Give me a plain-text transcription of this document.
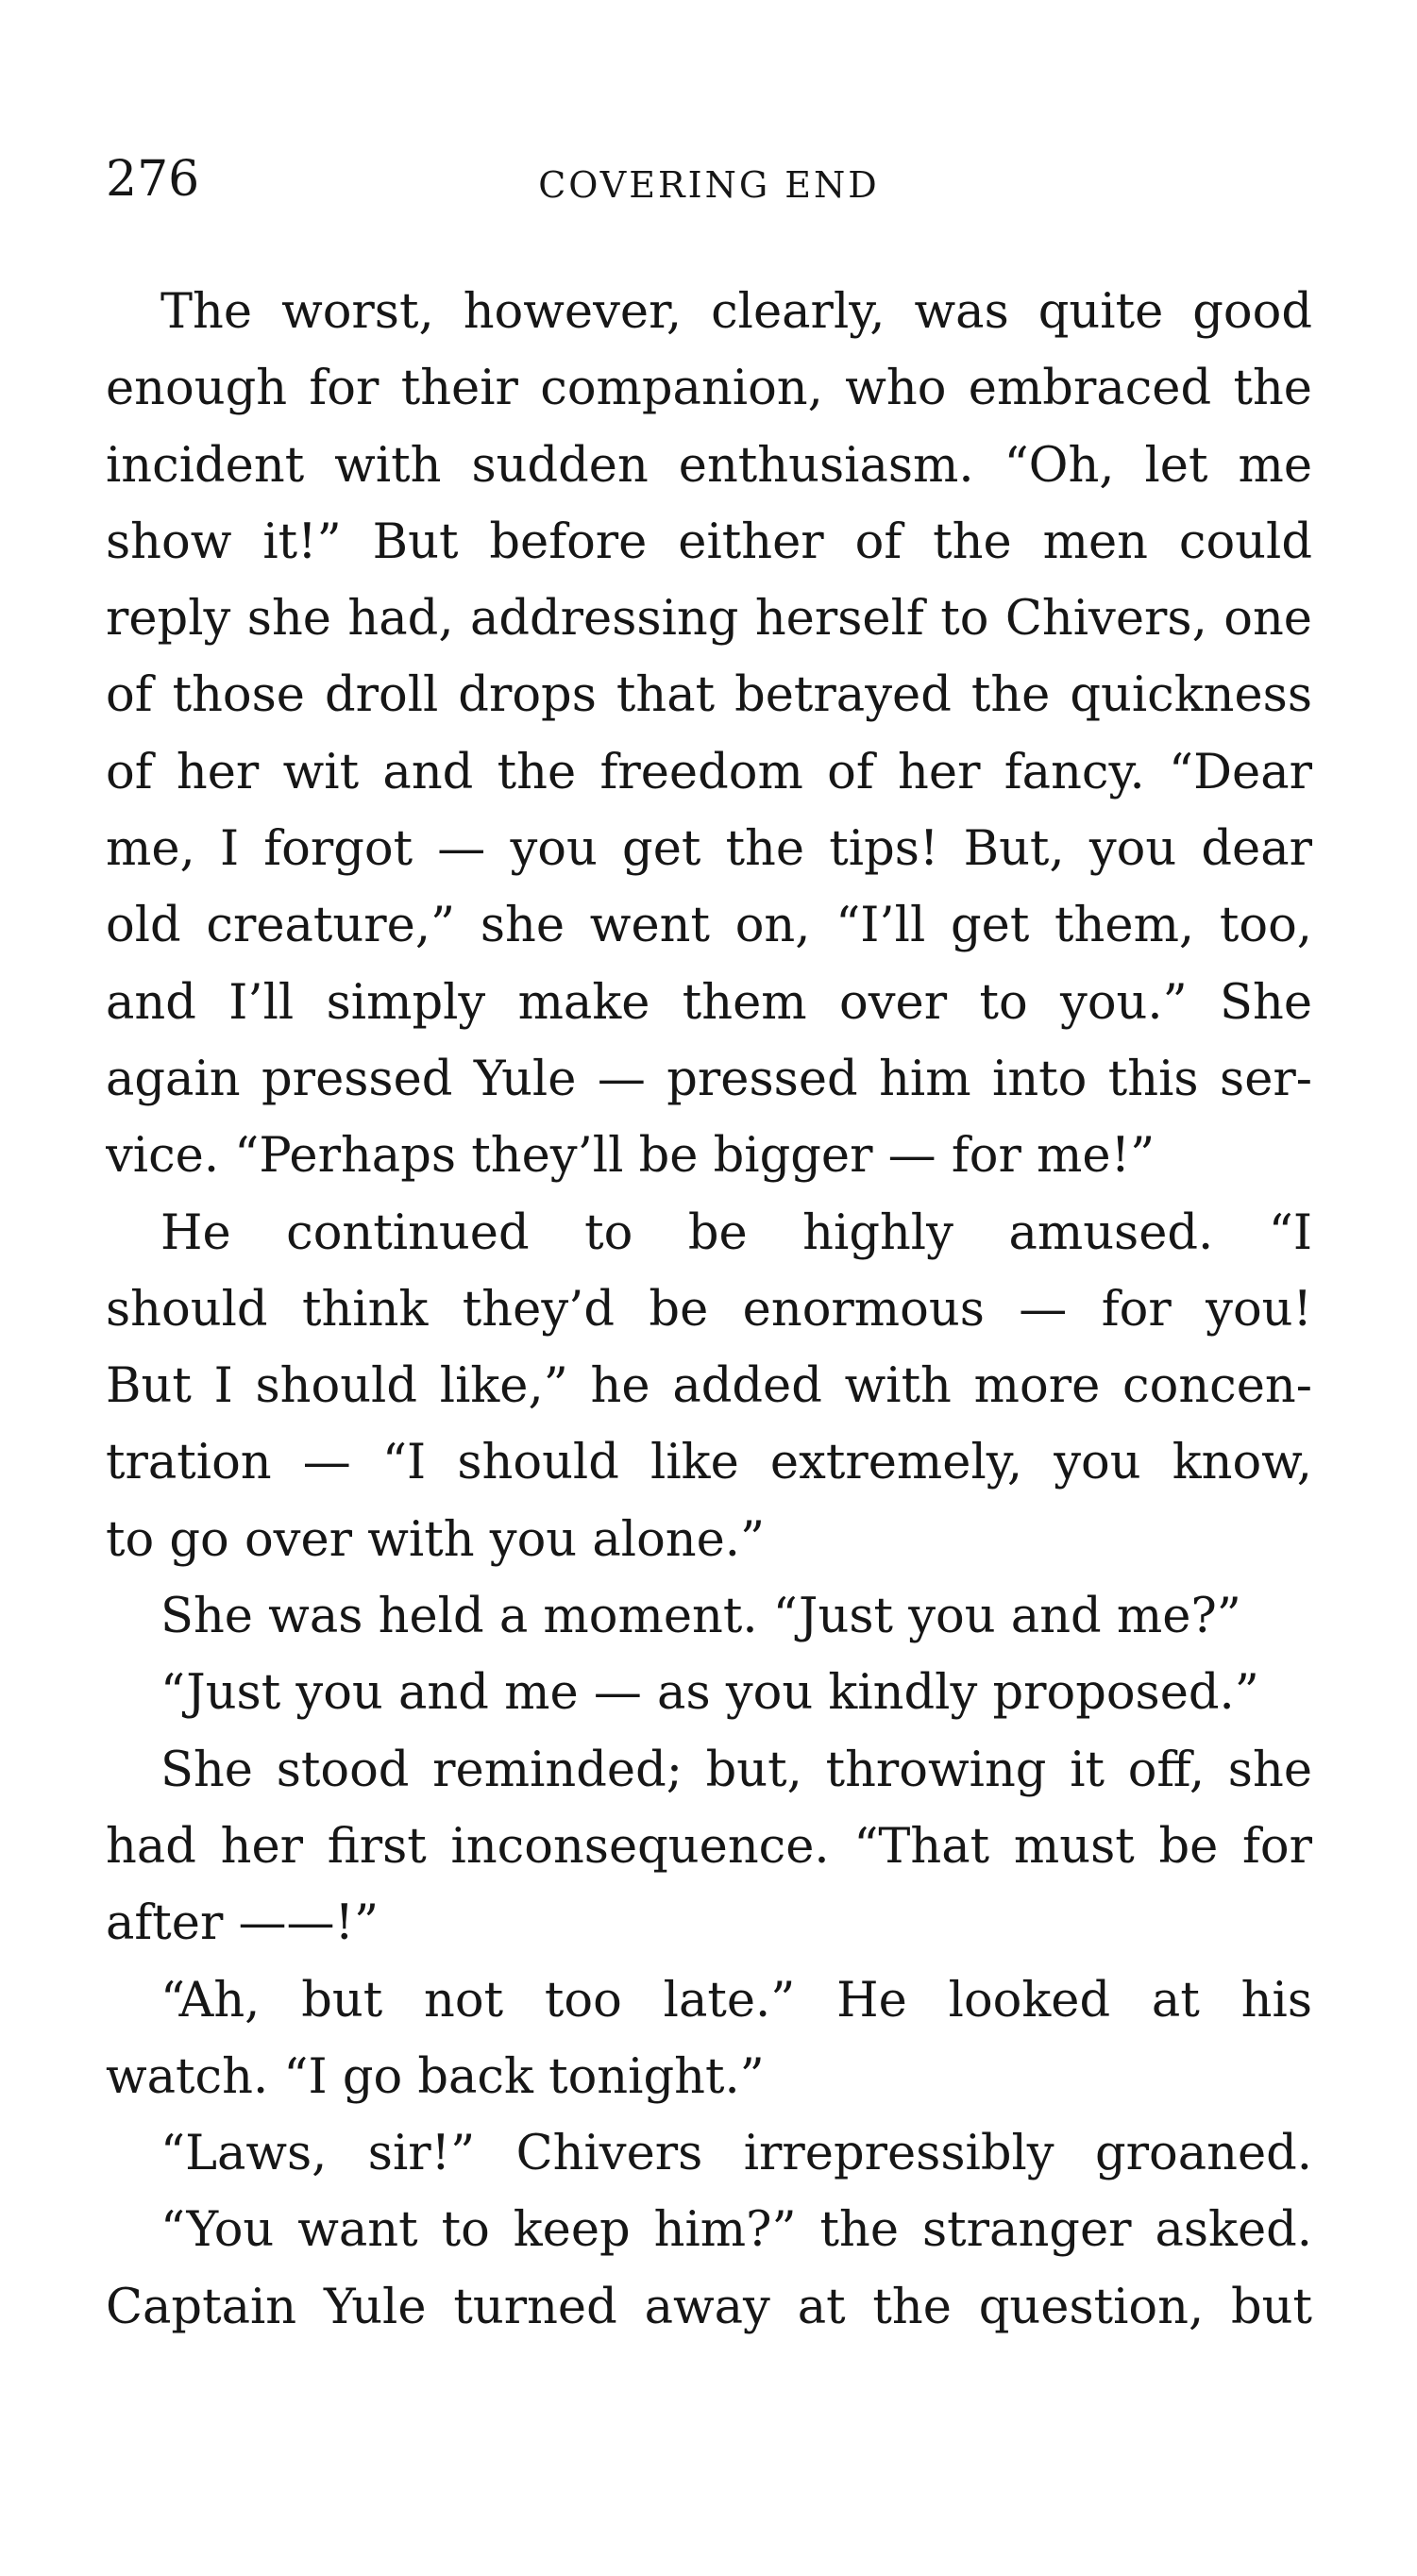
276	COVERING END
The worst, however, clearly, was quite good
enough for their companion, who embraced the
incident with sudden enthusiasm. “Oh, let me
show it!” But before either of the men could
reply she had, addressing herself to Chivers, one
of those droll drops that betrayed the quickness
of her wit and the freedom of her fancy. “Dear
me, I forgot — you get the tips! But, you dear
old creature,” she went on, “I’ll get them, too,
and I’ll simply make them over to you.” She
again pressed Yule — pressed him into this ser-
vice. “Perhaps they’ll be bigger — for me!”
He continued to be highly amused. “I
should think they’d be enormous — for you!
But I should like,” he added with more concen-
tration — “I should like extremely, you know,
to go over with you alone.”
She was held a moment. “Just you and me?”
“Just you and me — as you kindly proposed.”
She stood reminded; but, throwing it off, she
had her first inconsequence. “That must be for
after ——!”
“Ah, but not too late.” He looked at his
watch. “I go back tonight.”
“Laws, sir!” Chivers irrepressibly groaned.
“You want to keep him?” the stranger asked.
Captain Yule turned away at the question, but
